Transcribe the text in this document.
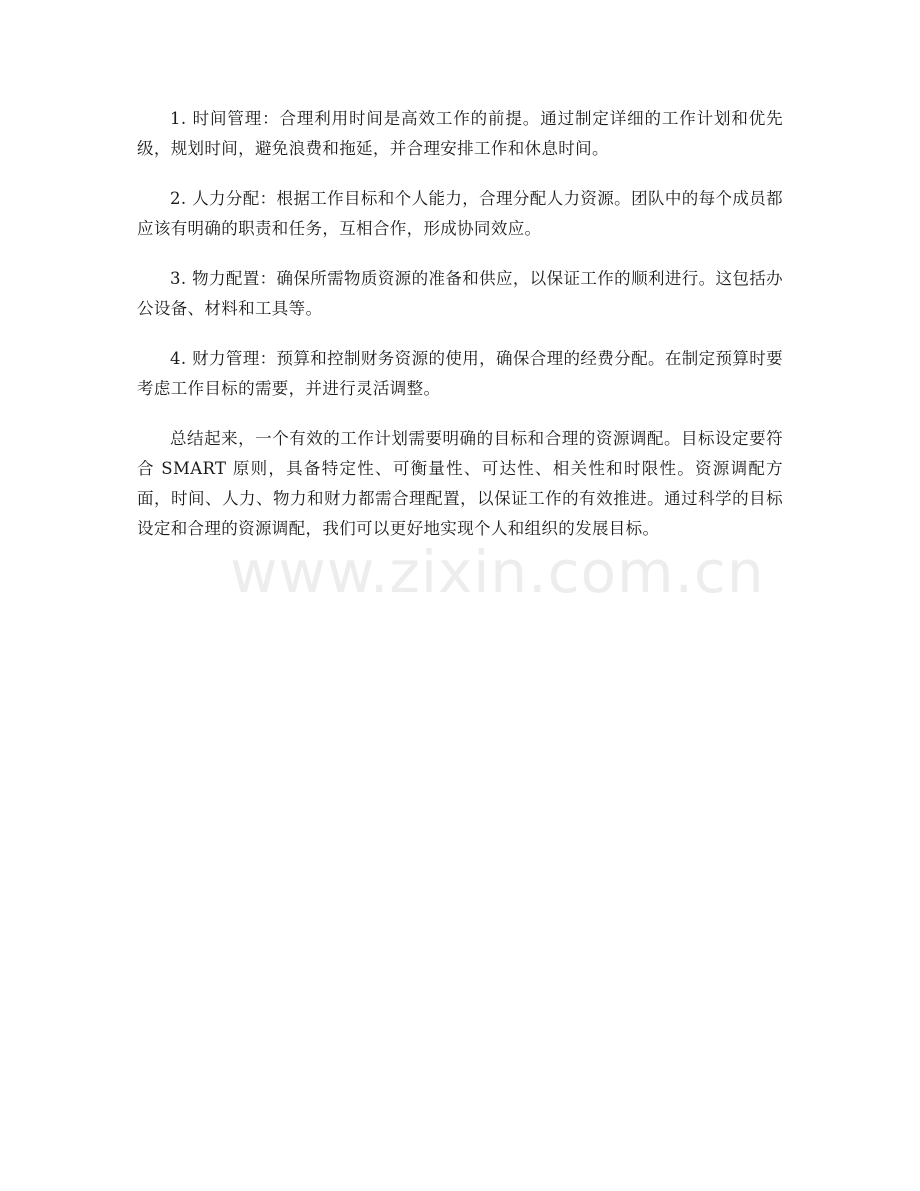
1. 时间管理：合理利用时间是高效工作的前提。通过制定详细的工作计划和优先级，规划时间，避免浪费和拖延，并合理安排工作和休息时间。

2. 人力分配：根据工作目标和个人能力，合理分配人力资源。团队中的每个成员都应该有明确的职责和任务，互相合作，形成协同效应。

3. 物力配置：确保所需物质资源的准备和供应，以保证工作的顺利进行。这包括办公设备、材料和工具等。

4. 财力管理：预算和控制财务资源的使用，确保合理的经费分配。在制定预算时要考虑工作目标的需要，并进行灵活调整。

总结起来，一个有效的工作计划需要明确的目标和合理的资源调配。目标设定要符合 SMART 原则，具备特定性、可衡量性、可达性、相关性和时限性。资源调配方面，时间、人力、物力和财力都需合理配置，以保证工作的有效推进。通过科学的目标设定和合理的资源调配，我们可以更好地实现个人和组织的发展目标。

www.zixin.com.cn
